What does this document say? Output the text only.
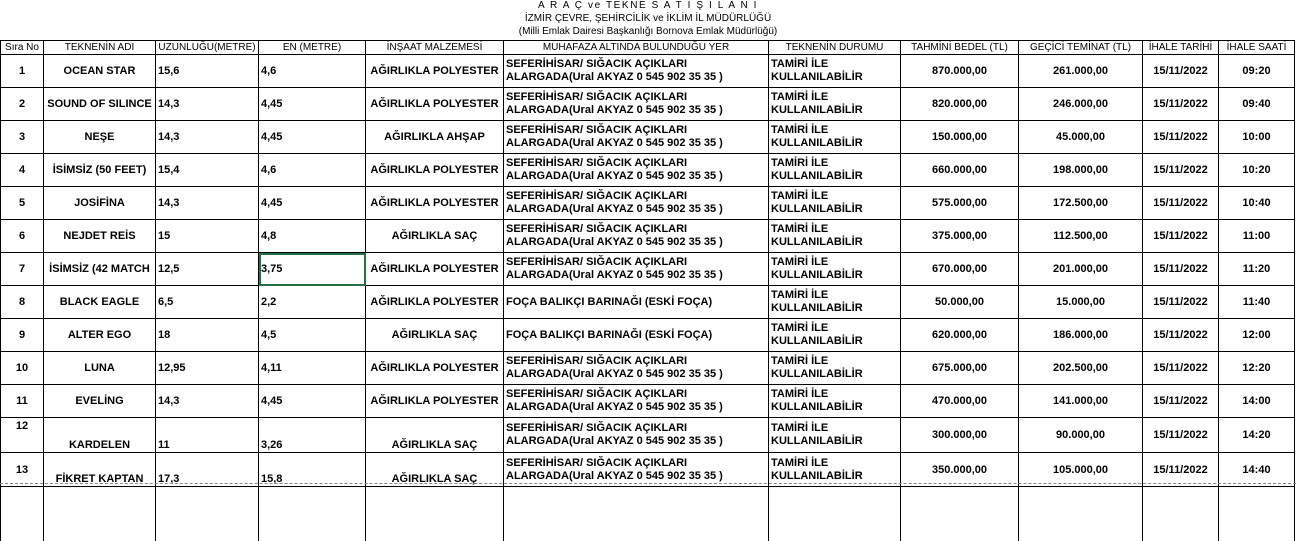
A R A Ç ve TEKNE S A T I Ş İ L A N I
İZMİR ÇEVRE, ŞEHİRCİLİK ve İKLİM İL MÜDÜRLÜĞÜ
(Milli Emlak Dairesi Başkanlığı Bornova Emlak Müdürlüğü)
Sıra No	TEKNENİN ADI	UZUNLUĞU(METRE)	EN (METRE)	İNŞAAT MALZEMESİ	MUHAFAZA ALTINDA BULUNDUĞU YER	TEKNENİN DURUMU	TAHMİNİ BEDEL (TL)	GEÇİCİ TEMİNAT (TL)	İHALE TARİHİ	İHALE SAATİ
1	OCEAN STAR	15,6	4,6	AĞIRLIKLA POLYESTER	SEFERİHİSAR/ SIĞACIK AÇIKLARI ALARGADA(Ural AKYAZ 0 545 902 35 35 )	TAMİRİ İLE KULLANILABİLİR	870.000,00	261.000,00	15/11/2022	09:20
2	SOUND OF SILINCE	14,3	4,45	AĞIRLIKLA POLYESTER	SEFERİHİSAR/ SIĞACIK AÇIKLARI ALARGADA(Ural AKYAZ 0 545 902 35 35 )	TAMİRİ İLE KULLANILABİLİR	820.000,00	246.000,00	15/11/2022	09:40
3	NEŞE	14,3	4,45	AĞIRLIKLA AHŞAP	SEFERİHİSAR/ SIĞACIK AÇIKLARI ALARGADA(Ural AKYAZ 0 545 902 35 35 )	TAMİRİ İLE KULLANILABİLİR	150.000,00	45.000,00	15/11/2022	10:00
4	İSİMSİZ (50 FEET)	15,4	4,6	AĞIRLIKLA POLYESTER	SEFERİHİSAR/ SIĞACIK AÇIKLARI ALARGADA(Ural AKYAZ 0 545 902 35 35 )	TAMİRİ İLE KULLANILABİLİR	660.000,00	198.000,00	15/11/2022	10:20
5	JOSİFİNA	14,3	4,45	AĞIRLIKLA POLYESTER	SEFERİHİSAR/ SIĞACIK AÇIKLARI ALARGADA(Ural AKYAZ 0 545 902 35 35 )	TAMİRİ İLE KULLANILABİLİR	575.000,00	172.500,00	15/11/2022	10:40
6	NEJDET REİS	15	4,8	AĞIRLIKLA SAÇ	SEFERİHİSAR/ SIĞACIK AÇIKLARI ALARGADA(Ural AKYAZ 0 545 902 35 35 )	TAMİRİ İLE KULLANILABİLİR	375.000,00	112.500,00	15/11/2022	11:00
7	İSİMSİZ (42 MATCH	12,5	3,75	AĞIRLIKLA POLYESTER	SEFERİHİSAR/ SIĞACIK AÇIKLARI ALARGADA(Ural AKYAZ 0 545 902 35 35 )	TAMİRİ İLE KULLANILABİLİR	670.000,00	201.000,00	15/11/2022	11:20
8	BLACK EAGLE	6,5	2,2	AĞIRLIKLA POLYESTER	FOÇA BALIKÇI BARINAĞI (ESKİ FOÇA)	TAMİRİ İLE KULLANILABİLİR	50.000,00	15.000,00	15/11/2022	11:40
9	ALTER EGO	18	4,5	AĞIRLIKLA SAÇ	FOÇA BALIKÇI BARINAĞI (ESKİ FOÇA)	TAMİRİ İLE KULLANILABİLİR	620.000,00	186.000,00	15/11/2022	12:00
10	LUNA	12,95	4,11	AĞIRLIKLA POLYESTER	SEFERİHİSAR/ SIĞACIK AÇIKLARI ALARGADA(Ural AKYAZ 0 545 902 35 35 )	TAMİRİ İLE KULLANILABİLİR	675.000,00	202.500,00	15/11/2022	12:20
11	EVELİNG	14,3	4,45	AĞIRLIKLA POLYESTER	SEFERİHİSAR/ SIĞACIK AÇIKLARI ALARGADA(Ural AKYAZ 0 545 902 35 35 )	TAMİRİ İLE KULLANILABİLİR	470.000,00	141.000,00	15/11/2022	14:00
12	KARDELEN	11	3,26	AĞIRLIKLA SAÇ	SEFERİHİSAR/ SIĞACIK AÇIKLARI ALARGADA(Ural AKYAZ 0 545 902 35 35 )	TAMİRİ İLE KULLANILABİLİR	300.000,00	90.000,00	15/11/2022	14:20
13	FİKRET KAPTAN	17,3	15,8	AĞIRLIKLA SAÇ	SEFERİHİSAR/ SIĞACIK AÇIKLARI ALARGADA(Ural AKYAZ 0 545 902 35 35 )	TAMİRİ İLE KULLANILABİLİR	350.000,00	105.000,00	15/11/2022	14:40
